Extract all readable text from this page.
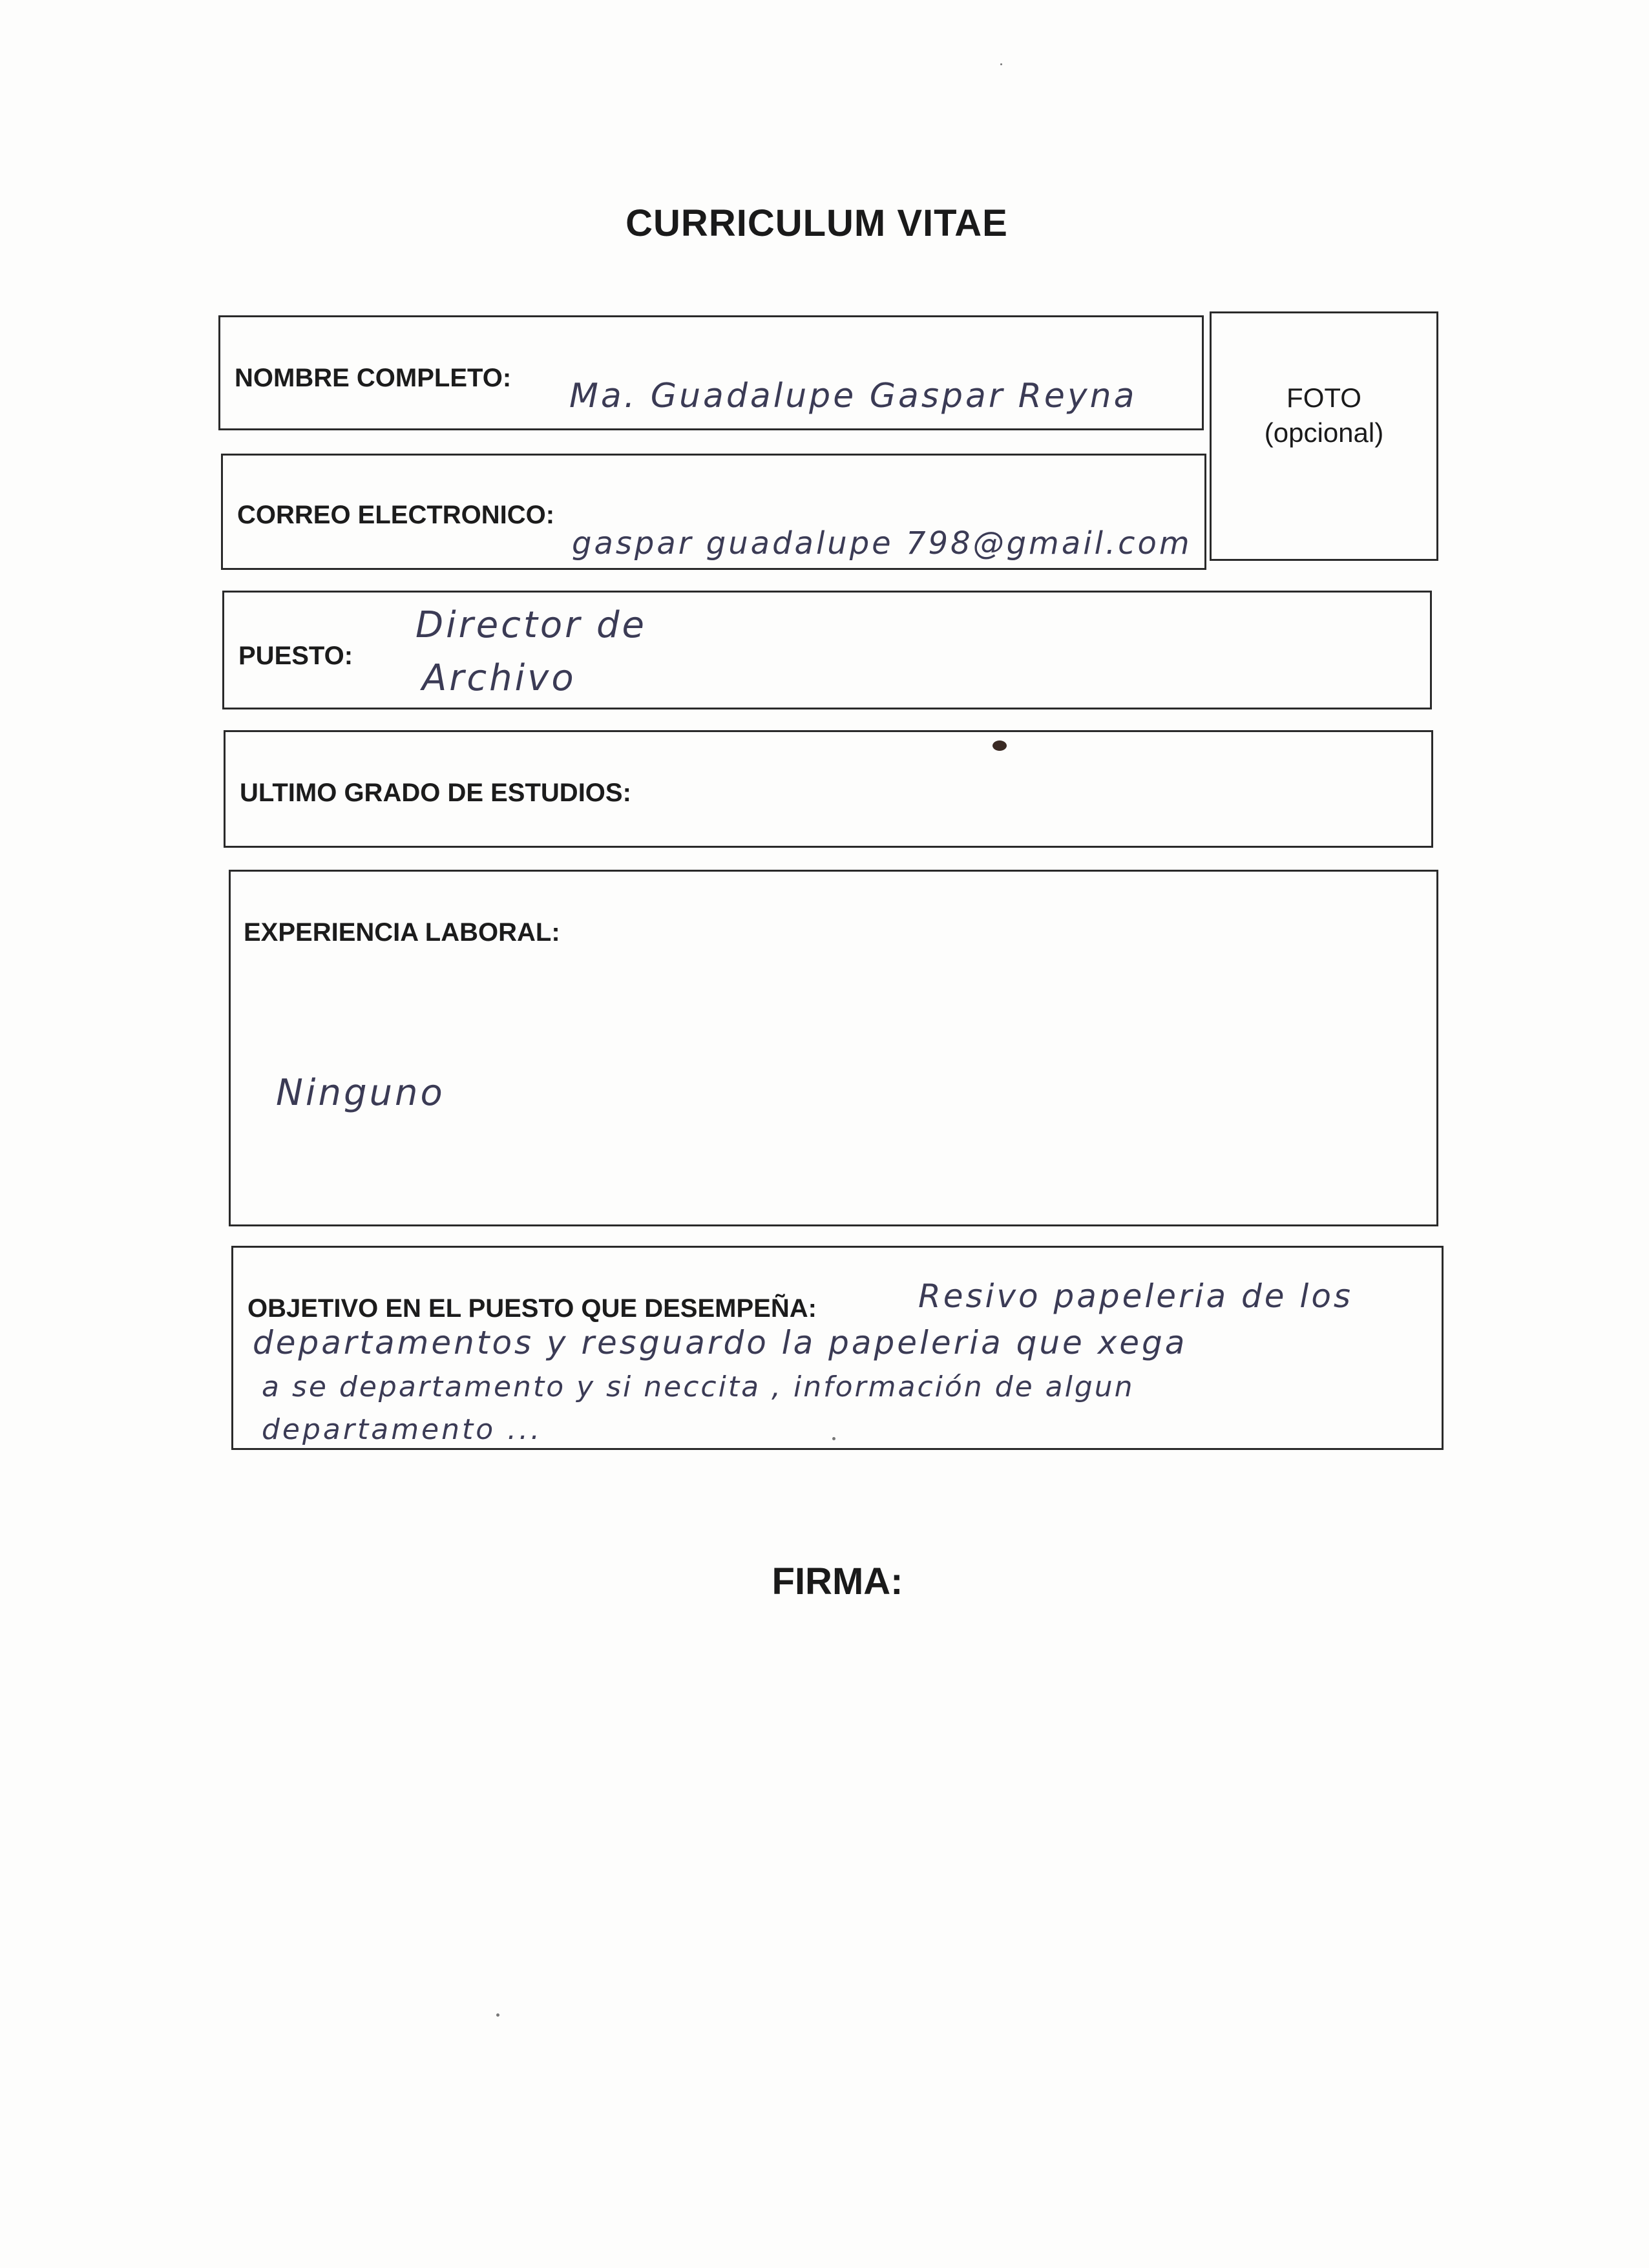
CURRICULUM VITAE
NOMBRE COMPLETO: Ma. Guadalupe Gaspar Reyna	FOTO
(opcional)
CORREO ELECTRONICO:
gaspar guadalupe 798@gmail.com
PUESTO:
Director de
Archivo
ULTIMO GRADO DE ESTUDIOS:
EXPERIENCIA LABORAL:
Ninguno
OBJETIVO EN EL PUESTO QUE DESEMPEÑA:	Resivo papeleria de los
departamentos y resguardo la papeleria que xega
a se departamento y si neccita , información de algun
departamento ...
FIRMA:
